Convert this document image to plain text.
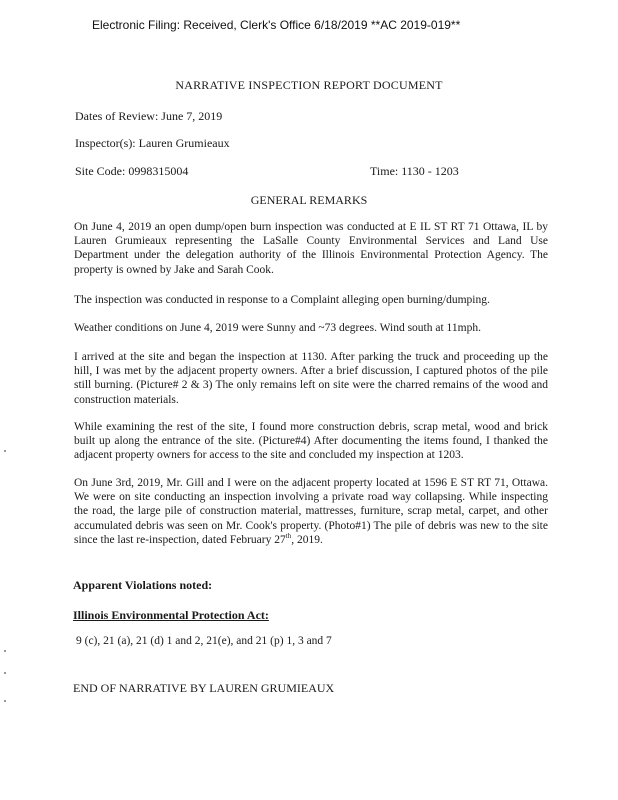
Electronic Filing: Received, Clerk's Office 6/18/2019 **AC 2019-019**
NARRATIVE INSPECTION REPORT DOCUMENT
Dates of Review: June 7, 2019
Inspector(s): Lauren Grumieaux
Site Code: 0998315004	Time: 1130 - 1203
GENERAL REMARKS

On June 4, 2019 an open dump/open burn inspection was conducted at E IL ST RT 71 Ottawa, IL by Lauren Grumieaux representing the LaSalle County Environmental Services and Land Use Department under the delegation authority of the Illinois Environmental Protection Agency. The property is owned by Jake and Sarah Cook.

The inspection was conducted in response to a Complaint alleging open burning/dumping.

Weather conditions on June 4, 2019 were Sunny and ~73 degrees. Wind south at 11mph.

I arrived at the site and began the inspection at 1130. After parking the truck and proceeding up the hill, I was met by the adjacent property owners. After a brief discussion, I captured photos of the pile still burning. (Picture# 2 & 3) The only remains left on site were the charred remains of the wood and construction materials.

While examining the rest of the site, I found more construction debris, scrap metal, wood and brick built up along the entrance of the site. (Picture#4) After documenting the items found, I thanked the adjacent property owners for access to the site and concluded my inspection at 1203.

On June 3rd, 2019, Mr. Gill and I were on the adjacent property located at 1596 E ST RT 71, Ottawa. We were on site conducting an inspection involving a private road way collapsing. While inspecting the road, the large pile of construction material, mattresses, furniture, scrap metal, carpet, and other accumulated debris was seen on Mr. Cook's property. (Photo#1) The pile of debris was new to the site since the last re-inspection, dated February 27th, 2019.

Apparent Violations noted:
Illinois Environmental Protection Act:
9 (c), 21 (a), 21 (d) 1 and 2, 21(e), and 21 (p) 1, 3 and 7
END OF NARRATIVE BY LAUREN GRUMIEAUX
